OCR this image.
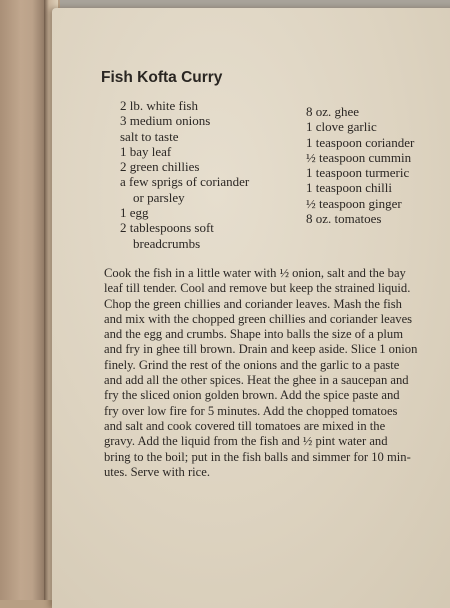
Fish Kofta Curry
2 lb. white fish
3 medium onions
salt to taste
1 bay leaf
2 green chillies
a few sprigs of coriander
or parsley
1 egg
2 tablespoons soft
breadcrumbs
8 oz. ghee
1 clove garlic
1 teaspoon coriander
½ teaspoon cummin
1 teaspoon turmeric
1 teaspoon chilli
½ teaspoon ginger
8 oz. tomatoes

Cook the fish in a little water with ½ onion, salt and the bay
leaf till tender. Cool and remove but keep the strained liquid.
Chop the green chillies and coriander leaves. Mash the fish
and mix with the chopped green chillies and coriander leaves
and the egg and crumbs. Shape into balls the size of a plum
and fry in ghee till brown. Drain and keep aside. Slice 1 onion
finely. Grind the rest of the onions and the garlic to a paste
and add all the other spices. Heat the ghee in a saucepan and
fry the sliced onion golden brown. Add the spice paste and
fry over low fire for 5 minutes. Add the chopped tomatoes
and salt and cook covered till tomatoes are mixed in the
gravy. Add the liquid from the fish and ½ pint water and
bring to the boil; put in the fish balls and simmer for 10 min-
utes. Serve with rice.
